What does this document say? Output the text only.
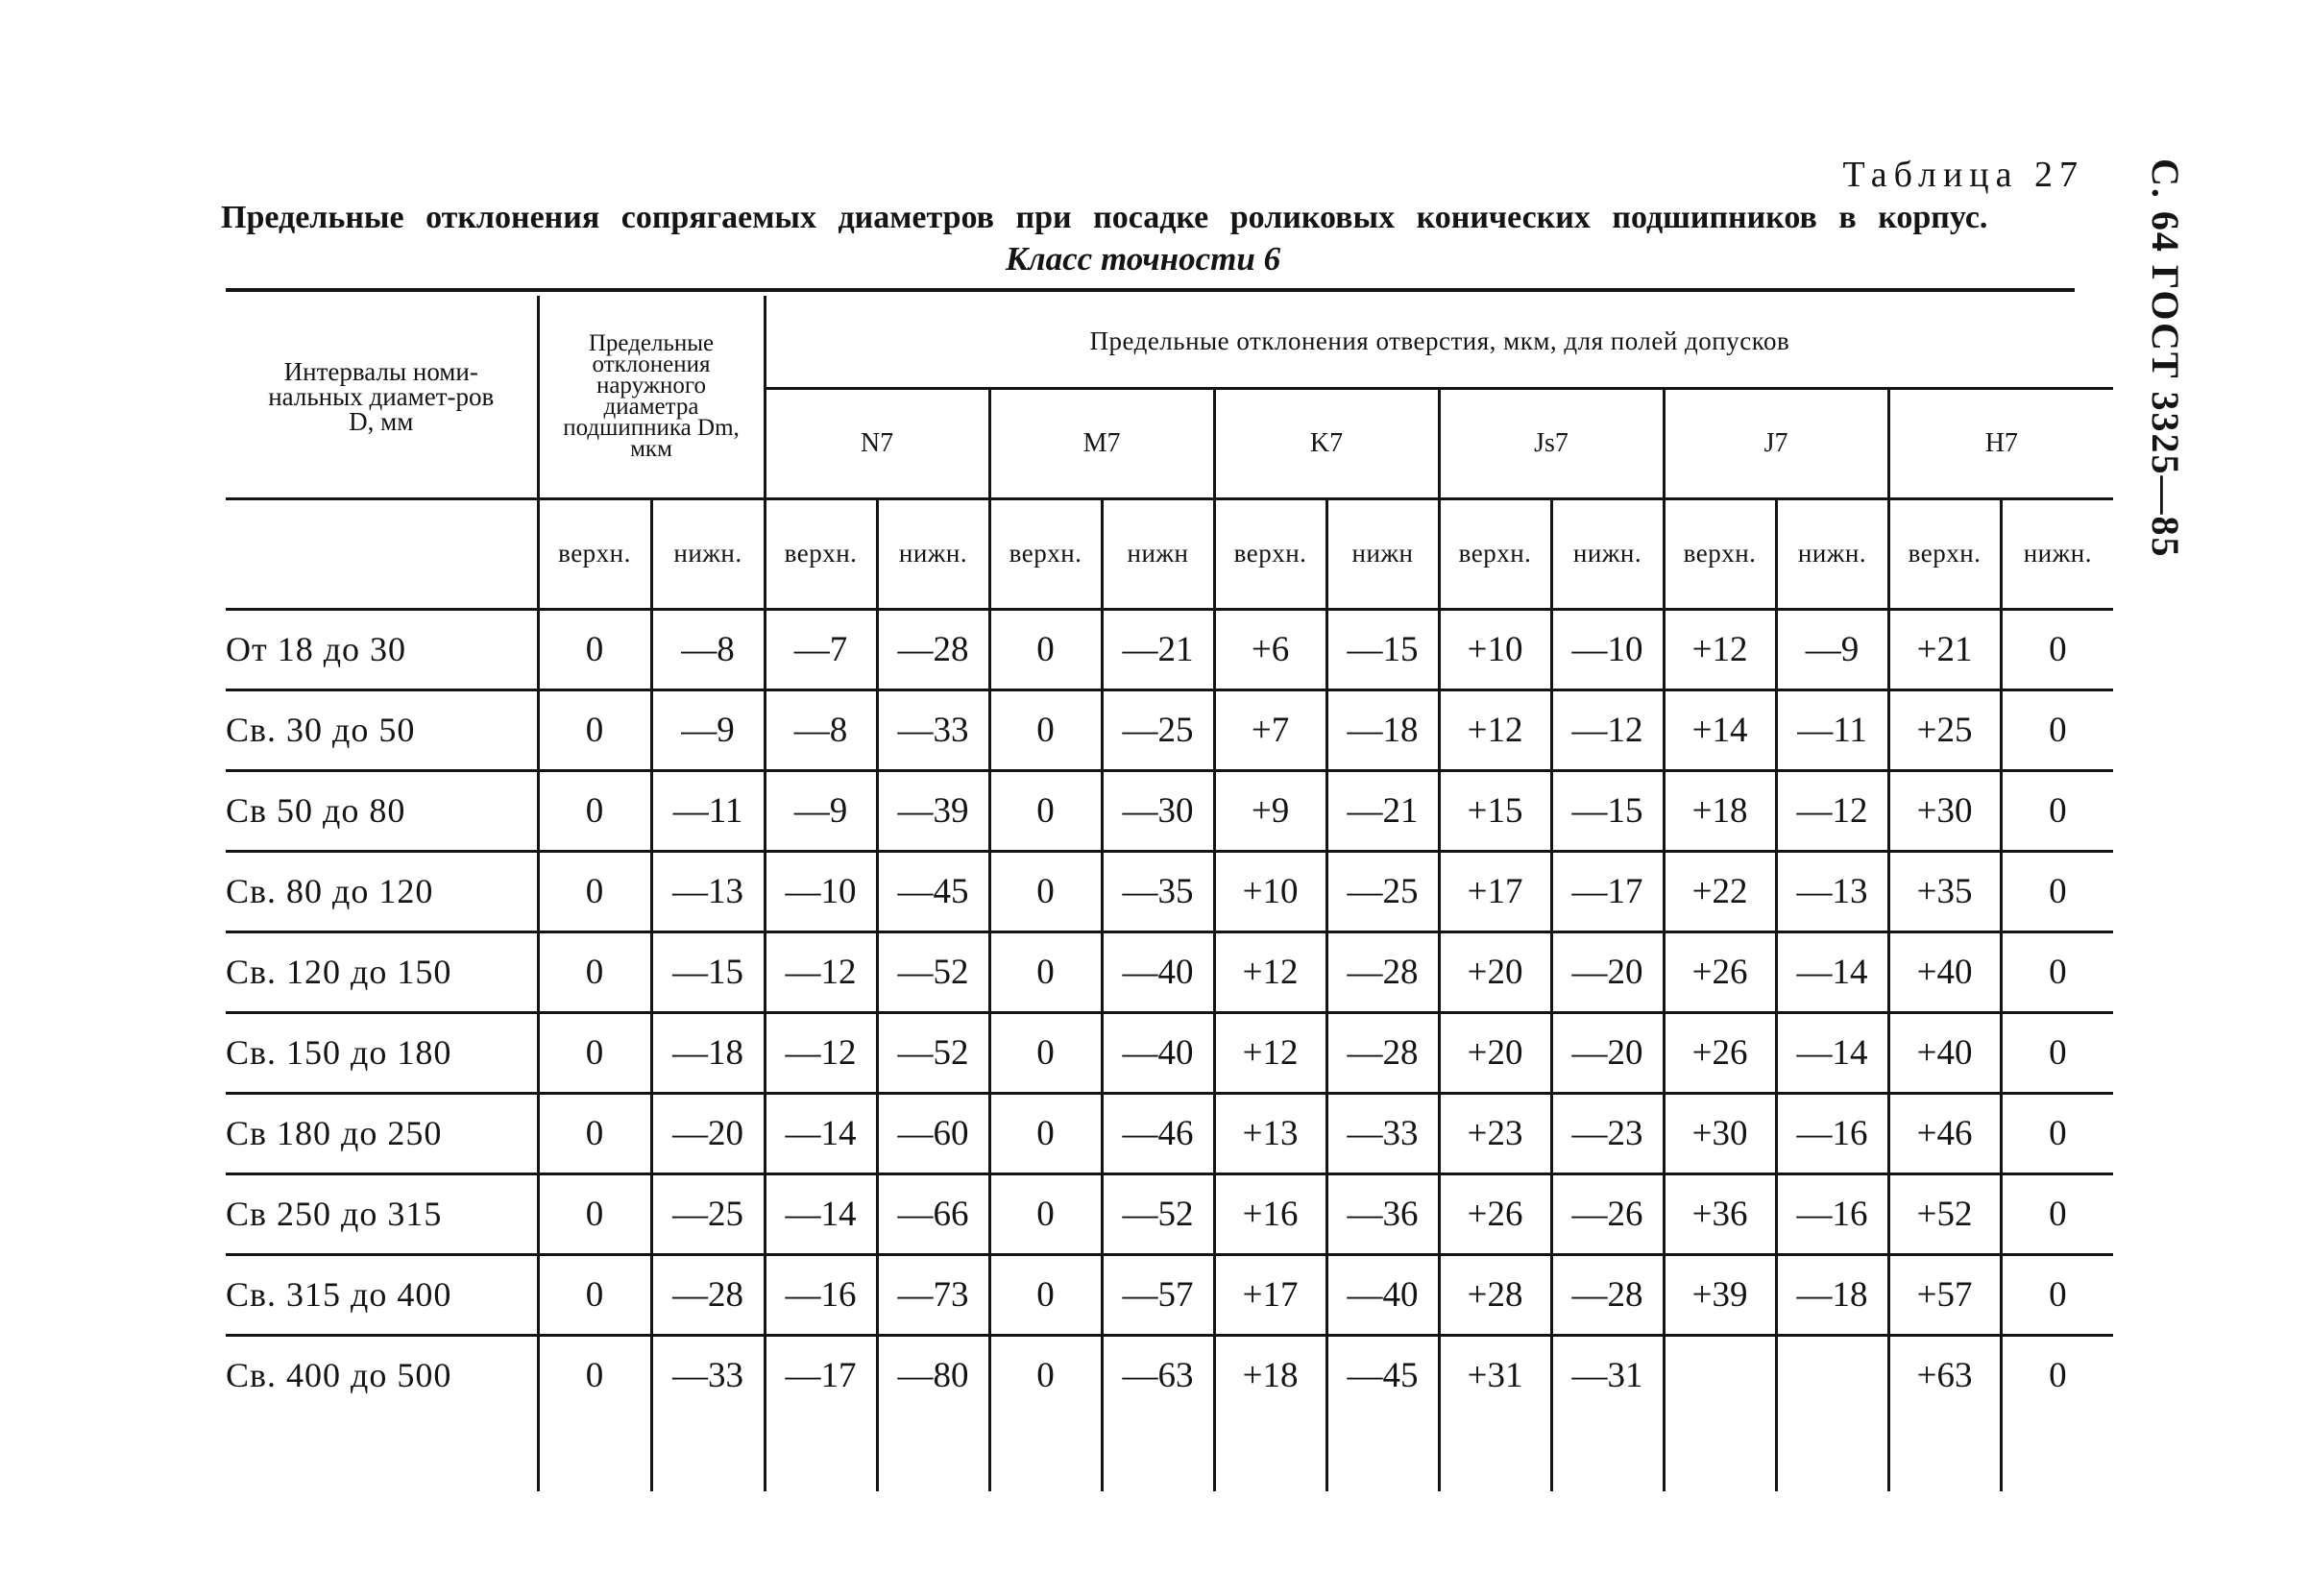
С. 64 ГОСТ 3325—85
Таблица 27
Предельные отклонения сопрягаемых диаметров при посадке роликовых конических подшипников в корпус.
Класс точности 6
Интервалы номи-нальных диамет-ров D, мм	Предельные отклонения наружного диаметра подшипника Dm, мкм		Предельные отклонения отверстия, мкм, для полей допусков											
			N7		M7		K7		Js7		J7		H7	
	верхн.	нижн.	верхн.	нижн.	верхн.	нижн	верхн.	нижн	верхн.	нижн.	верхн.	нижн.	верхн.	нижн.
От 18 до 30	0	—8	—7	—28	0	—21	+6	—15	+10	—10	+12	—9	+21	0
Св. 30 до 50	0	—9	—8	—33	0	—25	+7	—18	+12	—12	+14	—11	+25	0
Св 50 до 80	0	—11	—9	—39	0	—30	+9	—21	+15	—15	+18	—12	+30	0
Св. 80 до 120	0	—13	—10	—45	0	—35	+10	—25	+17	—17	+22	—13	+35	0
Св. 120 до 150	0	—15	—12	—52	0	—40	+12	—28	+20	—20	+26	—14	+40	0
Св. 150 до 180	0	—18	—12	—52	0	—40	+12	—28	+20	—20	+26	—14	+40	0
Св 180 до 250	0	—20	—14	—60	0	—46	+13	—33	+23	—23	+30	—16	+46	0
Св 250 до 315	0	—25	—14	—66	0	—52	+16	—36	+26	—26	+36	—16	+52	0
Св. 315 до 400	0	—28	—16	—73	0	—57	+17	—40	+28	—28	+39	—18	+57	0
Св. 400 до 500	0	—33	—17	—80	0	—63	+18	—45	+31	—31			+63	0
